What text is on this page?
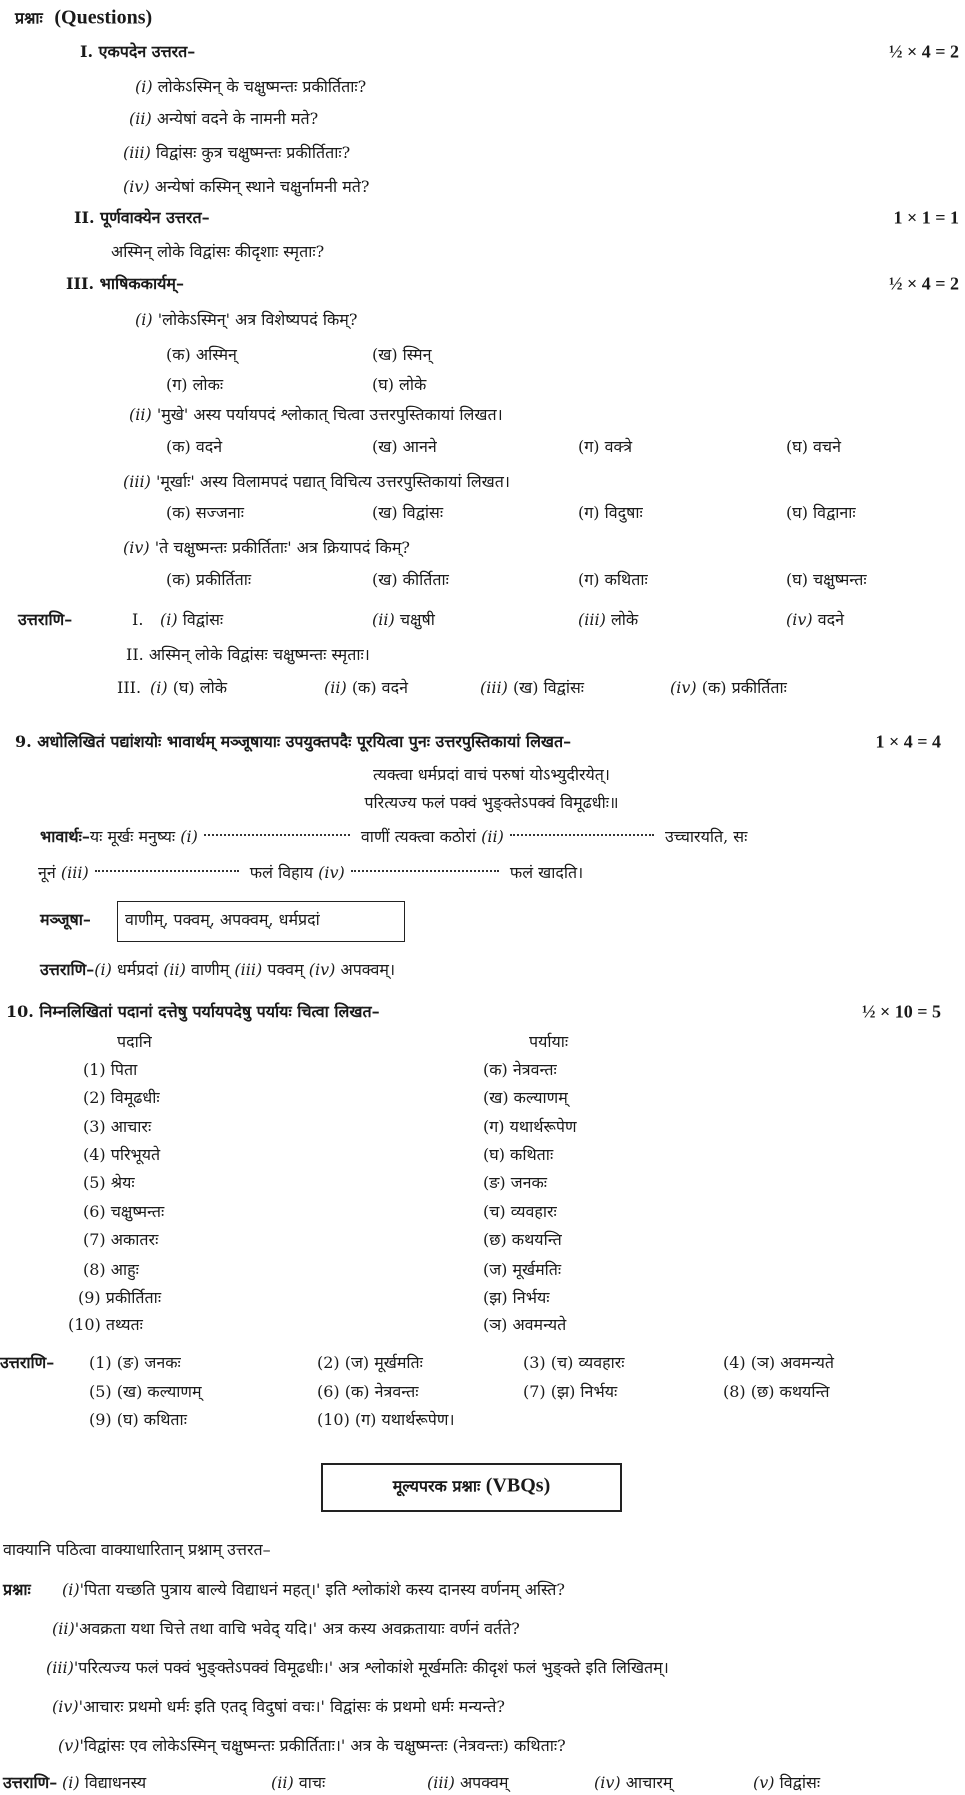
प्रश्नाः (Questions)
I. एकपदेन उत्तरत–	½ × 4 = 2
(i) लोकेऽस्मिन् के चक्षुष्मन्तः प्रकीर्तिताः?
(ii) अन्येषां वदने के नामनी मते?
(iii) विद्वांसः कुत्र चक्षुष्मन्तः प्रकीर्तिताः?
(iv) अन्येषां कस्मिन् स्थाने चक्षुर्नामनी मते?
II. पूर्णवाक्येन उत्तरत–	1 × 1 = 1
अस्मिन् लोके विद्वांसः कीदृशाः स्मृताः?
III. भाषिककार्यम्–	½ × 4 = 2
(i) 'लोकेऽस्मिन्' अत्र विशेष्यपदं किम्?
(क) अस्मिन्	(ख) स्मिन्
(ग) लोकः	(घ) लोके
(ii) 'मुखे' अस्य पर्यायपदं श्लोकात् चित्वा उत्तरपुस्तिकायां लिखत।
(क) वदने	(ख) आनने	(ग) वक्त्रे	(घ) वचने
(iii) 'मूर्खाः' अस्य विलामपदं पद्यात् विचित्य उत्तरपुस्तिकायां लिखत।
(क) सज्जनाः	(ख) विद्वांसः	(ग) विदुषाः	(घ) विद्वानाः
(iv) 'ते चक्षुष्मन्तः प्रकीर्तिताः' अत्र क्रियापदं किम्?
(क) प्रकीर्तिताः	(ख) कीर्तिताः	(ग) कथिताः	(घ) चक्षुष्मन्तः
उत्तराणि–	I. (i) विद्वांसः	(ii) चक्षुषी	(iii) लोके	(iv) वदने
II. अस्मिन् लोके विद्वांसः चक्षुष्मन्तः स्मृताः।
III. (i) (घ) लोके	(ii) (क) वदने	(iii) (ख) विद्वांसः	(iv) (क) प्रकीर्तिताः
9. अधोलिखितं पद्यांशयोः भावार्थम् मञ्जूषायाः उपयुक्तपदैः पूरयित्वा पुनः उत्तरपुस्तिकायां लिखत–	1 × 4 = 4
त्यक्त्वा धर्मप्रदां वाचं परुषां योऽभ्युदीरयेत्।
परित्यज्य फलं पक्वं भुङ्क्तेऽपक्वं विमूढधीः॥
भावार्थः–यः मूर्खः मनुष्यः (i)	वाणीं त्यक्त्वा कठोरां (ii)	उच्चारयति, सः
नूनं (iii)	फलं विहाय (iv)	फलं खादति।
मञ्जूषा– वाणीम्, पक्वम्, अपक्वम्, धर्मप्रदां
उत्तराणि–(i) धर्मप्रदां (ii) वाणीम् (iii) पक्वम् (iv) अपक्वम्।
10. निम्नलिखितां पदानां दत्तेषु पर्यायपदेषु पर्यायः चित्वा लिखत–	½ × 10 = 5
पदानि	पर्यायाः
(1) पिता	(क) नेत्रवन्तः
(2) विमूढधीः	(ख) कल्याणम्
(3) आचारः	(ग) यथार्थरूपेण
(4) परिभूयते	(घ) कथिताः
(5) श्रेयः	(ङ) जनकः
(6) चक्षुष्मन्तः	(च) व्यवहारः
(7) अकातरः	(छ) कथयन्ति
(8) आहुः	(ज) मूर्खमतिः
(9) प्रकीर्तिताः	(झ) निर्भयः
(10) तथ्यतः	(ञ) अवमन्यते
उत्तराणि– (1) (ङ) जनकः	(2) (ज) मूर्खमतिः	(3) (च) व्यवहारः	(4) (ञ) अवमन्यते
(5) (ख) कल्याणम्	(6) (क) नेत्रवन्तः	(7) (झ) निर्भयः	(8) (छ) कथयन्ति
(9) (घ) कथिताः	(10) (ग) यथार्थरूपेण।
मूल्यपरक प्रश्नाः (VBQs)
वाक्यानि पठित्वा वाक्याधारितान् प्रश्नाम् उत्तरत–
प्रश्नाः (i)'पिता यच्छति पुत्राय बाल्ये विद्याधनं महत्।' इति श्लोकांशे कस्य दानस्य वर्णनम् अस्ति?
(ii)'अवक्रता यथा चित्ते तथा वाचि भवेद् यदि।' अत्र कस्य अवक्रतायाः वर्णनं वर्तते?
(iii)'परित्यज्य फलं पक्वं भुङ्क्तेऽपक्वं विमूढधीः।' अत्र श्लोकांशे मूर्खमतिः कीदृशं फलं भुङ्क्ते इति लिखितम्।
(iv)'आचारः प्रथमो धर्मः इति एतद् विदुषां वचः।' विद्वांसः कं प्रथमो धर्मः मन्यन्ते?
(v)'विद्वांसः एव लोकेऽस्मिन् चक्षुष्मन्तः प्रकीर्तिताः।' अत्र के चक्षुष्मन्तः (नेत्रवन्तः) कथिताः?
उत्तराणि– (i) विद्याधनस्य	(ii) वाचः	(iii) अपक्वम्	(iv) आचारम्	(v) विद्वांसः
